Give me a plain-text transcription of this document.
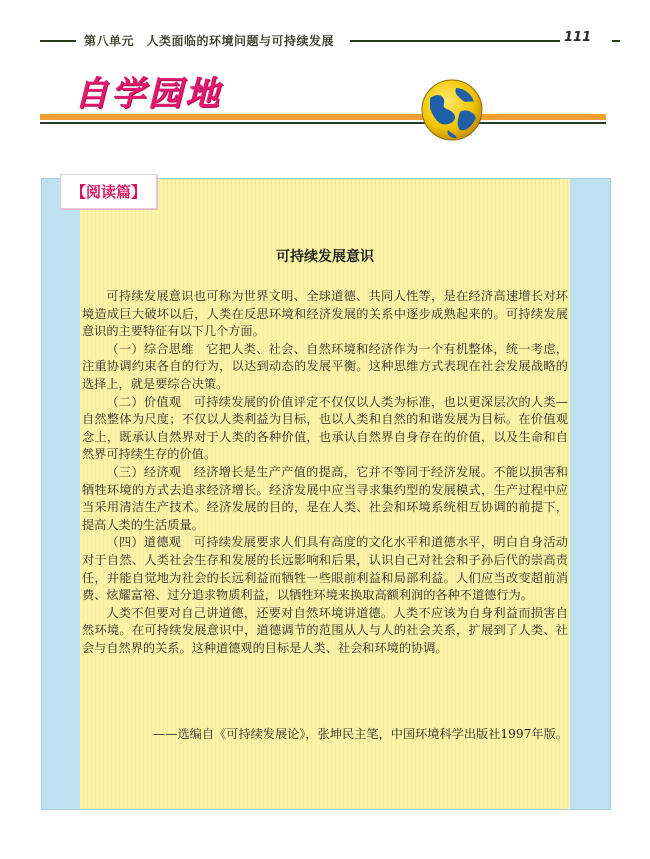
第八单元　人类面临的环境问题与可持续发展	111
自学园地
【阅读篇】
可持续发展意识

可持续发展意识也可称为世界文明、全球道德、共同人性等，是在经济高速增长对环境造成巨大破坏以后，人类在反思环境和经济发展的关系中逐步成熟起来的。可持续发展意识的主要特征有以下几个方面。

（一）综合思维　它把人类、社会、自然环境和经济作为一个有机整体，统一考虑，注重协调约束各自的行为，以达到动态的发展平衡。这种思维方式表现在社会发展战略的选择上，就是要综合决策。

（二）价值观　可持续发展的价值评定不仅仅以人类为标准，也以更深层次的人类—自然整体为尺度；不仅以人类利益为目标，也以人类和自然的和谐发展为目标。在价值观念上，既承认自然界对于人类的各种价值，也承认自然界自身存在的价值，以及生命和自然界可持续生存的价值。

（三）经济观　经济增长是生产产值的提高，它并不等同于经济发展。不能以损害和牺牲环境的方式去追求经济增长。经济发展中应当寻求集约型的发展模式，生产过程中应当采用清洁生产技术。经济发展的目的，是在人类、社会和环境系统相互协调的前提下，提高人类的生活质量。

（四）道德观　可持续发展要求人们具有高度的文化水平和道德水平，明白自身活动对于自然、人类社会生存和发展的长远影响和后果，认识自己对社会和子孙后代的崇高责任，并能自觉地为社会的长远利益而牺牲一些眼前利益和局部利益。人们应当改变超前消费、炫耀富裕、过分追求物质利益，以牺牲环境来换取高额利润的各种不道德行为。

人类不但要对自己讲道德，还要对自然环境讲道德。人类不应该为自身利益而损害自然环境。在可持续发展意识中，道德调节的范围从人与人的社会关系，扩展到了人类、社会与自然界的关系。这种道德观的目标是人类、社会和环境的协调。

——选编自《可持续发展论》，张坤民主笔，中国环境科学出版社1997年版。
